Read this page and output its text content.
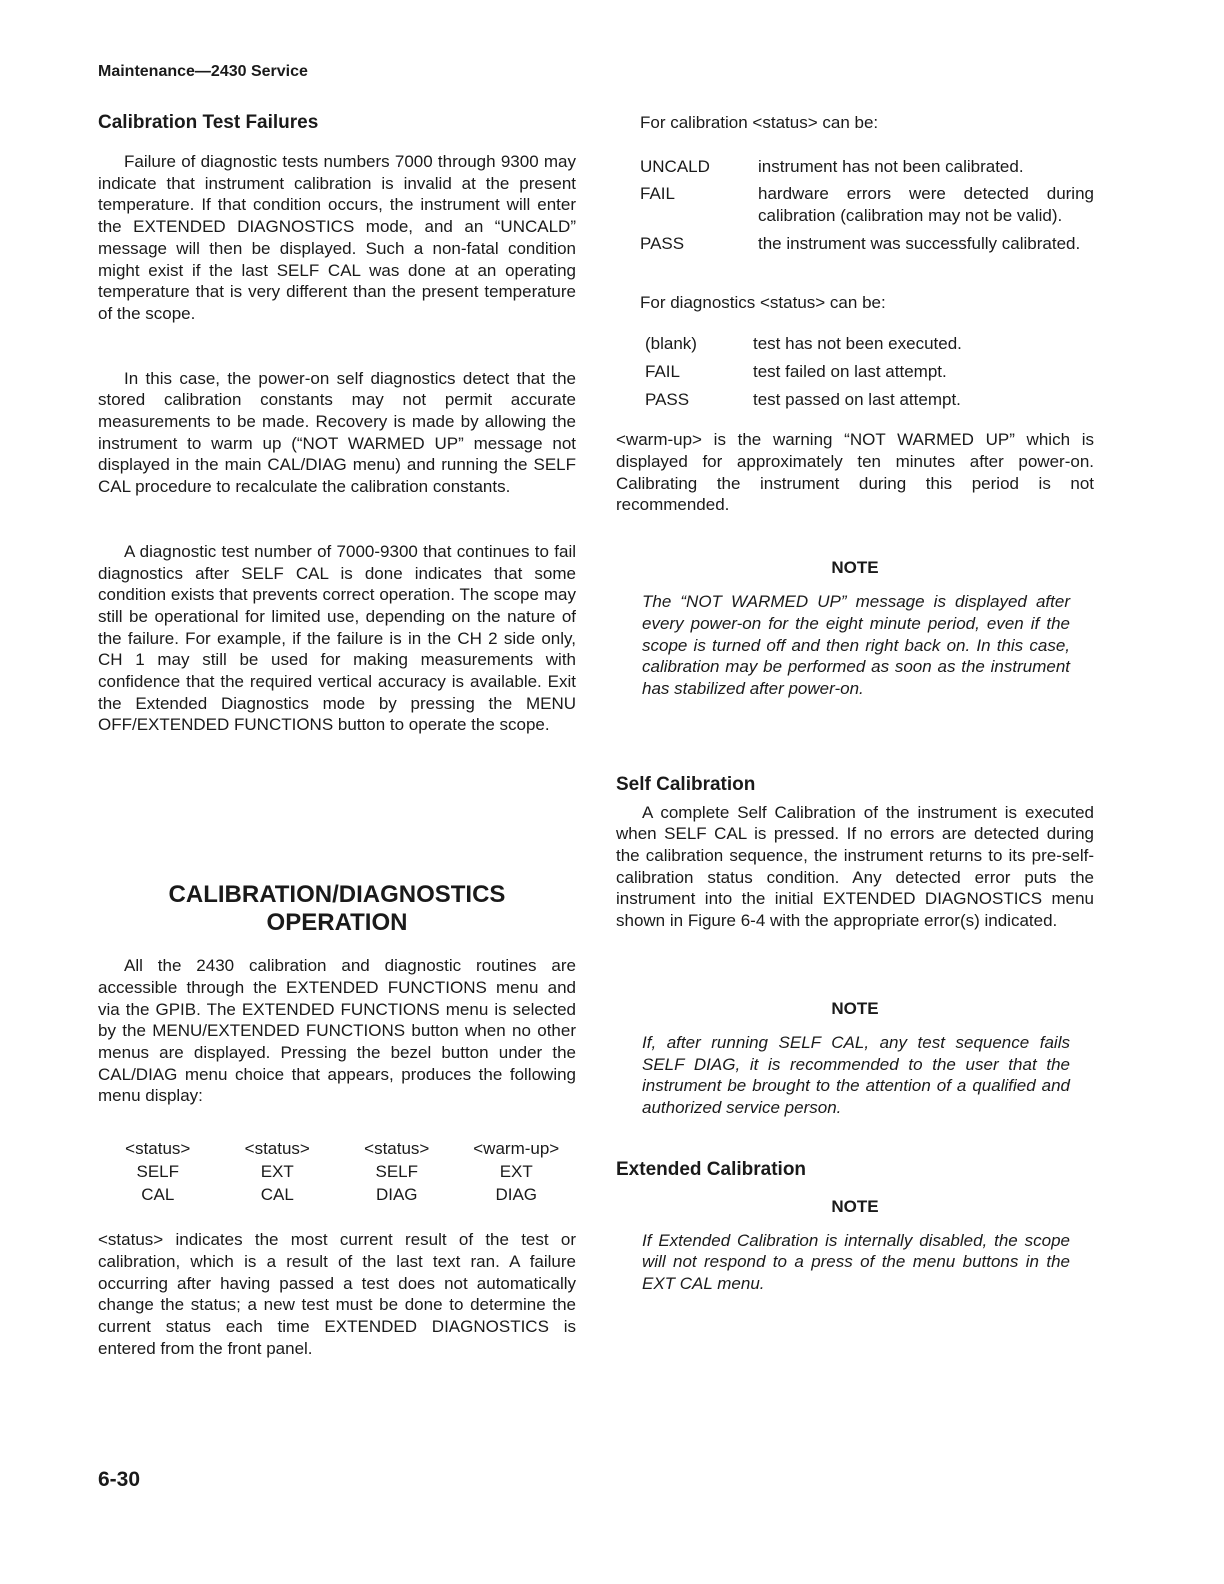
Maintenance—2430 Service
Calibration Test Failures

Failure of diagnostic tests numbers 7000 through 9300 may indicate that instrument calibration is invalid at the present temperature. If that condition occurs, the instrument will enter the EXTENDED DIAGNOSTICS mode, and an “UNCALD” message will then be displayed. Such a non-fatal condition might exist if the last SELF CAL was done at an operating temperature that is very different than the present temperature of the scope.

In this case, the power-on self diagnostics detect that the stored calibration constants may not permit accurate measurements to be made. Recovery is made by allowing the instrument to warm up (“NOT WARMED UP” message not displayed in the main CAL/DIAG menu) and running the SELF CAL procedure to recalculate the calibration constants.

A diagnostic test number of 7000-9300 that continues to fail diagnostics after SELF CAL is done indicates that some condition exists that prevents correct operation. The scope may still be operational for limited use, depending on the nature of the failure. For example, if the failure is in the CH 2 side only, CH 1 may still be used for making measurements with confidence that the required vertical accuracy is available. Exit the Extended Diagnostics mode by pressing the MENU OFF/EXTENDED FUNCTIONS button to operate the scope.

CALIBRATION/DIAGNOSTICS

OPERATION

All the 2430 calibration and diagnostic routines are accessible through the EXTENDED FUNCTIONS menu and via the GPIB. The EXTENDED FUNCTIONS menu is selected by the MENU/EXTENDED FUNCTIONS button when no other menus are displayed. Pressing the bezel button under the CAL/DIAG menu choice that appears, produces the following menu display:

<status>	<status>	<status>	<warm-up>
SELF	EXT	SELF	EXT
CAL	CAL	DIAG	DIAG

<status> indicates the most current result of the test or calibration, which is a result of the last text ran. A failure occurring after having passed a test does not automatically change the status; a new test must be done to determine the current status each time EXTENDED DIAGNOSTICS is entered from the front panel.

For calibration <status> can be:

UNCALD	instrument has not been calibrated.
FAIL	hardware errors were detected during calibration (calibration may not be valid).
PASS	the instrument was successfully calibrated.

For diagnostics <status> can be:

(blank)	test has not been executed.
FAIL	test failed on last attempt.
PASS	test passed on last attempt.

<warm-up> is the warning “NOT WARMED UP” which is displayed for approximately ten minutes after power-on. Calibrating the instrument during this period is not recommended.

NOTE

The “NOT WARMED UP” message is displayed after every power-on for the eight minute period, even if the scope is turned off and then right back on. In this case, calibration may be performed as soon as the instrument has stabilized after power-on.

Self Calibration

A complete Self Calibration of the instrument is executed when SELF CAL is pressed. If no errors are detected during the calibration sequence, the instrument returns to its pre-self-calibration status condition. Any detected error puts the instrument into the initial EXTENDED DIAGNOSTICS menu shown in Figure 6-4 with the appropriate error(s) indicated.

NOTE

If, after running SELF CAL, any test sequence fails SELF DIAG, it is recommended to the user that the instrument be brought to the attention of a qualified and authorized service person.

Extended Calibration

NOTE

If Extended Calibration is internally disabled, the scope will not respond to a press of the menu buttons in the EXT CAL menu.

6-30
